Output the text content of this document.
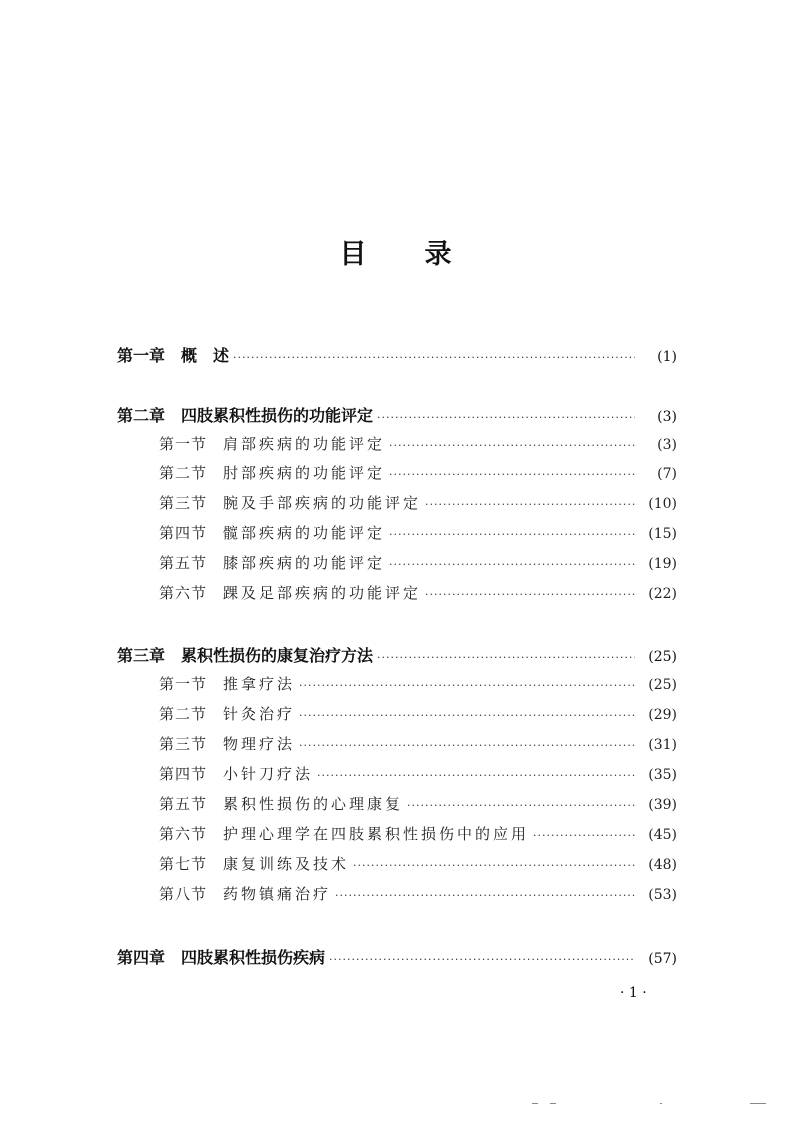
目 录
第一章 概　述 ·····	(1)
第二章 四肢累积性损伤的功能评定 ·····	(3)
第一节 肩部疾病的功能评定 ·····	(3)
第二节 肘部疾病的功能评定 ·····	(7)
第三节 腕及手部疾病的功能评定 ·····	(10)
第四节 髋部疾病的功能评定 ·····	(15)
第五节 膝部疾病的功能评定 ·····	(19)
第六节 踝及足部疾病的功能评定 ·····	(22)
第三章 累积性损伤的康复治疗方法 ·····	(25)
第一节 推拿疗法 ·····	(25)
第二节 针灸治疗 ·····	(29)
第三节 物理疗法 ·····	(31)
第四节 小针刀疗法 ·····	(35)
第五节 累积性损伤的心理康复 ·····	(39)
第六节 护理心理学在四肢累积性损伤中的应用 ·····	(45)
第七节 康复训练及技术 ·····	(48)
第八节 药物镇痛治疗 ·····	(53)
第四章 四肢累积性损伤疾病 ·····	(57)
· 1 ·
